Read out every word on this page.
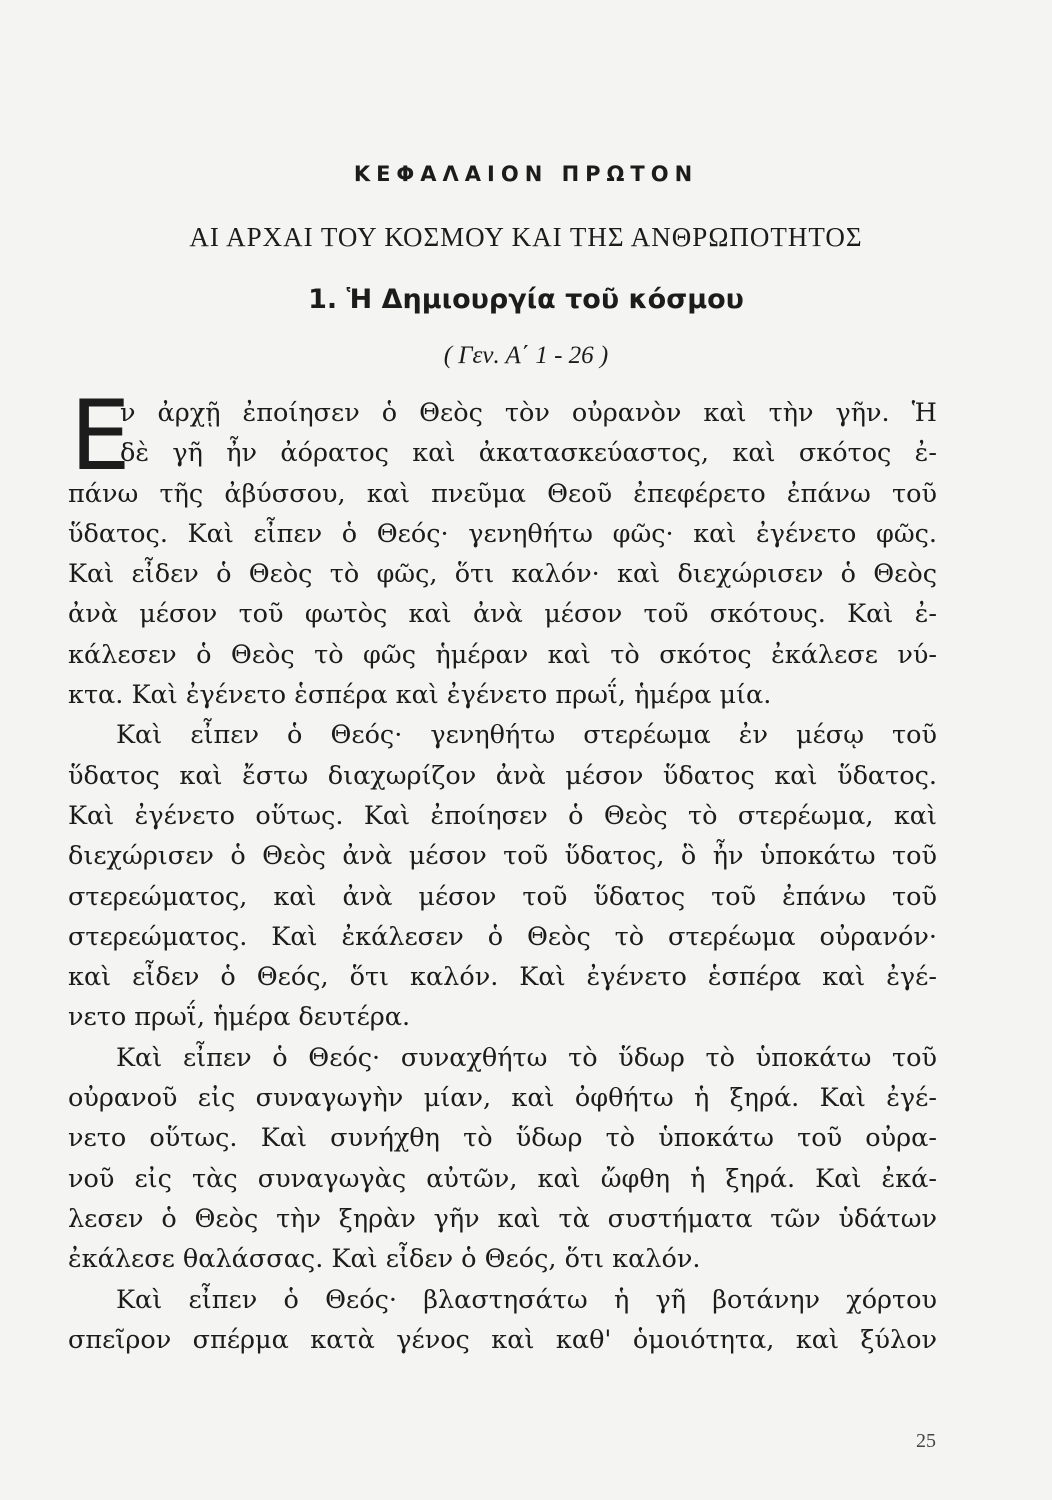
ΚΕΦΑΛΑΙΟΝ ΠΡΩΤΟΝ
ΑΙ ΑΡΧΑΙ ΤΟΥ ΚΟΣΜΟΥ ΚΑΙ ΤΗΣ ΑΝΘΡΩΠΟΤΗΤΟΣ
1. Ἡ Δημιουργία τοῦ κόσμου
( Γεν. Α΄ 1 - 26 )
Ε
ν ἀρχῇ ἐποίησεν ὁ Θεὸς τὸν οὐρανὸν καὶ τὴν γῆν. Ἡ
δὲ γῆ ἦν ἀόρατος καὶ ἀκατασκεύαστος, καὶ σκότος ἐ-
πάνω τῆς ἀβύσσου, καὶ πνεῦμα Θεοῦ ἐπεφέρετο ἐπάνω τοῦ
ὕδατος. Καὶ εἶπεν ὁ Θεός· γενηθήτω φῶς· καὶ ἐγένετο φῶς.
Καὶ εἶδεν ὁ Θεὸς τὸ φῶς, ὅτι καλόν· καὶ διεχώρισεν ὁ Θεὸς
ἀνὰ μέσον τοῦ φωτὸς καὶ ἀνὰ μέσον τοῦ σκότους. Καὶ ἐ-
κάλεσεν ὁ Θεὸς τὸ φῶς ἡμέραν καὶ τὸ σκότος ἐκάλεσε νύ-
κτα. Καὶ ἐγένετο ἑσπέρα καὶ ἐγένετο πρωΐ, ἡμέρα μία.
Καὶ εἶπεν ὁ Θεός· γενηθήτω στερέωμα ἐν μέσῳ τοῦ
ὕδατος καὶ ἔστω διαχωρίζον ἀνὰ μέσον ὕδατος καὶ ὕδατος.
Καὶ ἐγένετο οὕτως. Καὶ ἐποίησεν ὁ Θεὸς τὸ στερέωμα, καὶ
διεχώρισεν ὁ Θεὸς ἀνὰ μέσον τοῦ ὕδατος, ὃ ἦν ὑποκάτω τοῦ
στερεώματος, καὶ ἀνὰ μέσον τοῦ ὕδατος τοῦ ἐπάνω τοῦ
στερεώματος. Καὶ ἐκάλεσεν ὁ Θεὸς τὸ στερέωμα οὐρανόν·
καὶ εἶδεν ὁ Θεός, ὅτι καλόν. Καὶ ἐγένετο ἑσπέρα καὶ ἐγέ-
νετο πρωΐ, ἡμέρα δευτέρα.
Καὶ εἶπεν ὁ Θεός· συναχθήτω τὸ ὕδωρ τὸ ὑποκάτω τοῦ
οὐρανοῦ εἰς συναγωγὴν μίαν, καὶ ὀφθήτω ἡ ξηρά. Καὶ ἐγέ-
νετο οὕτως. Καὶ συνήχθη τὸ ὕδωρ τὸ ὑποκάτω τοῦ οὐρα-
νοῦ εἰς τὰς συναγωγὰς αὐτῶν, καὶ ὤφθη ἡ ξηρά. Καὶ ἐκά-
λεσεν ὁ Θεὸς τὴν ξηρὰν γῆν καὶ τὰ συστήματα τῶν ὑδάτων
ἐκάλεσε θαλάσσας. Καὶ εἶδεν ὁ Θεός, ὅτι καλόν.
Καὶ εἶπεν ὁ Θεός· βλαστησάτω ἡ γῆ βοτάνην χόρτου
σπεῖρον σπέρμα κατὰ γένος καὶ καθ' ὁμοιότητα, καὶ ξύλον
25
